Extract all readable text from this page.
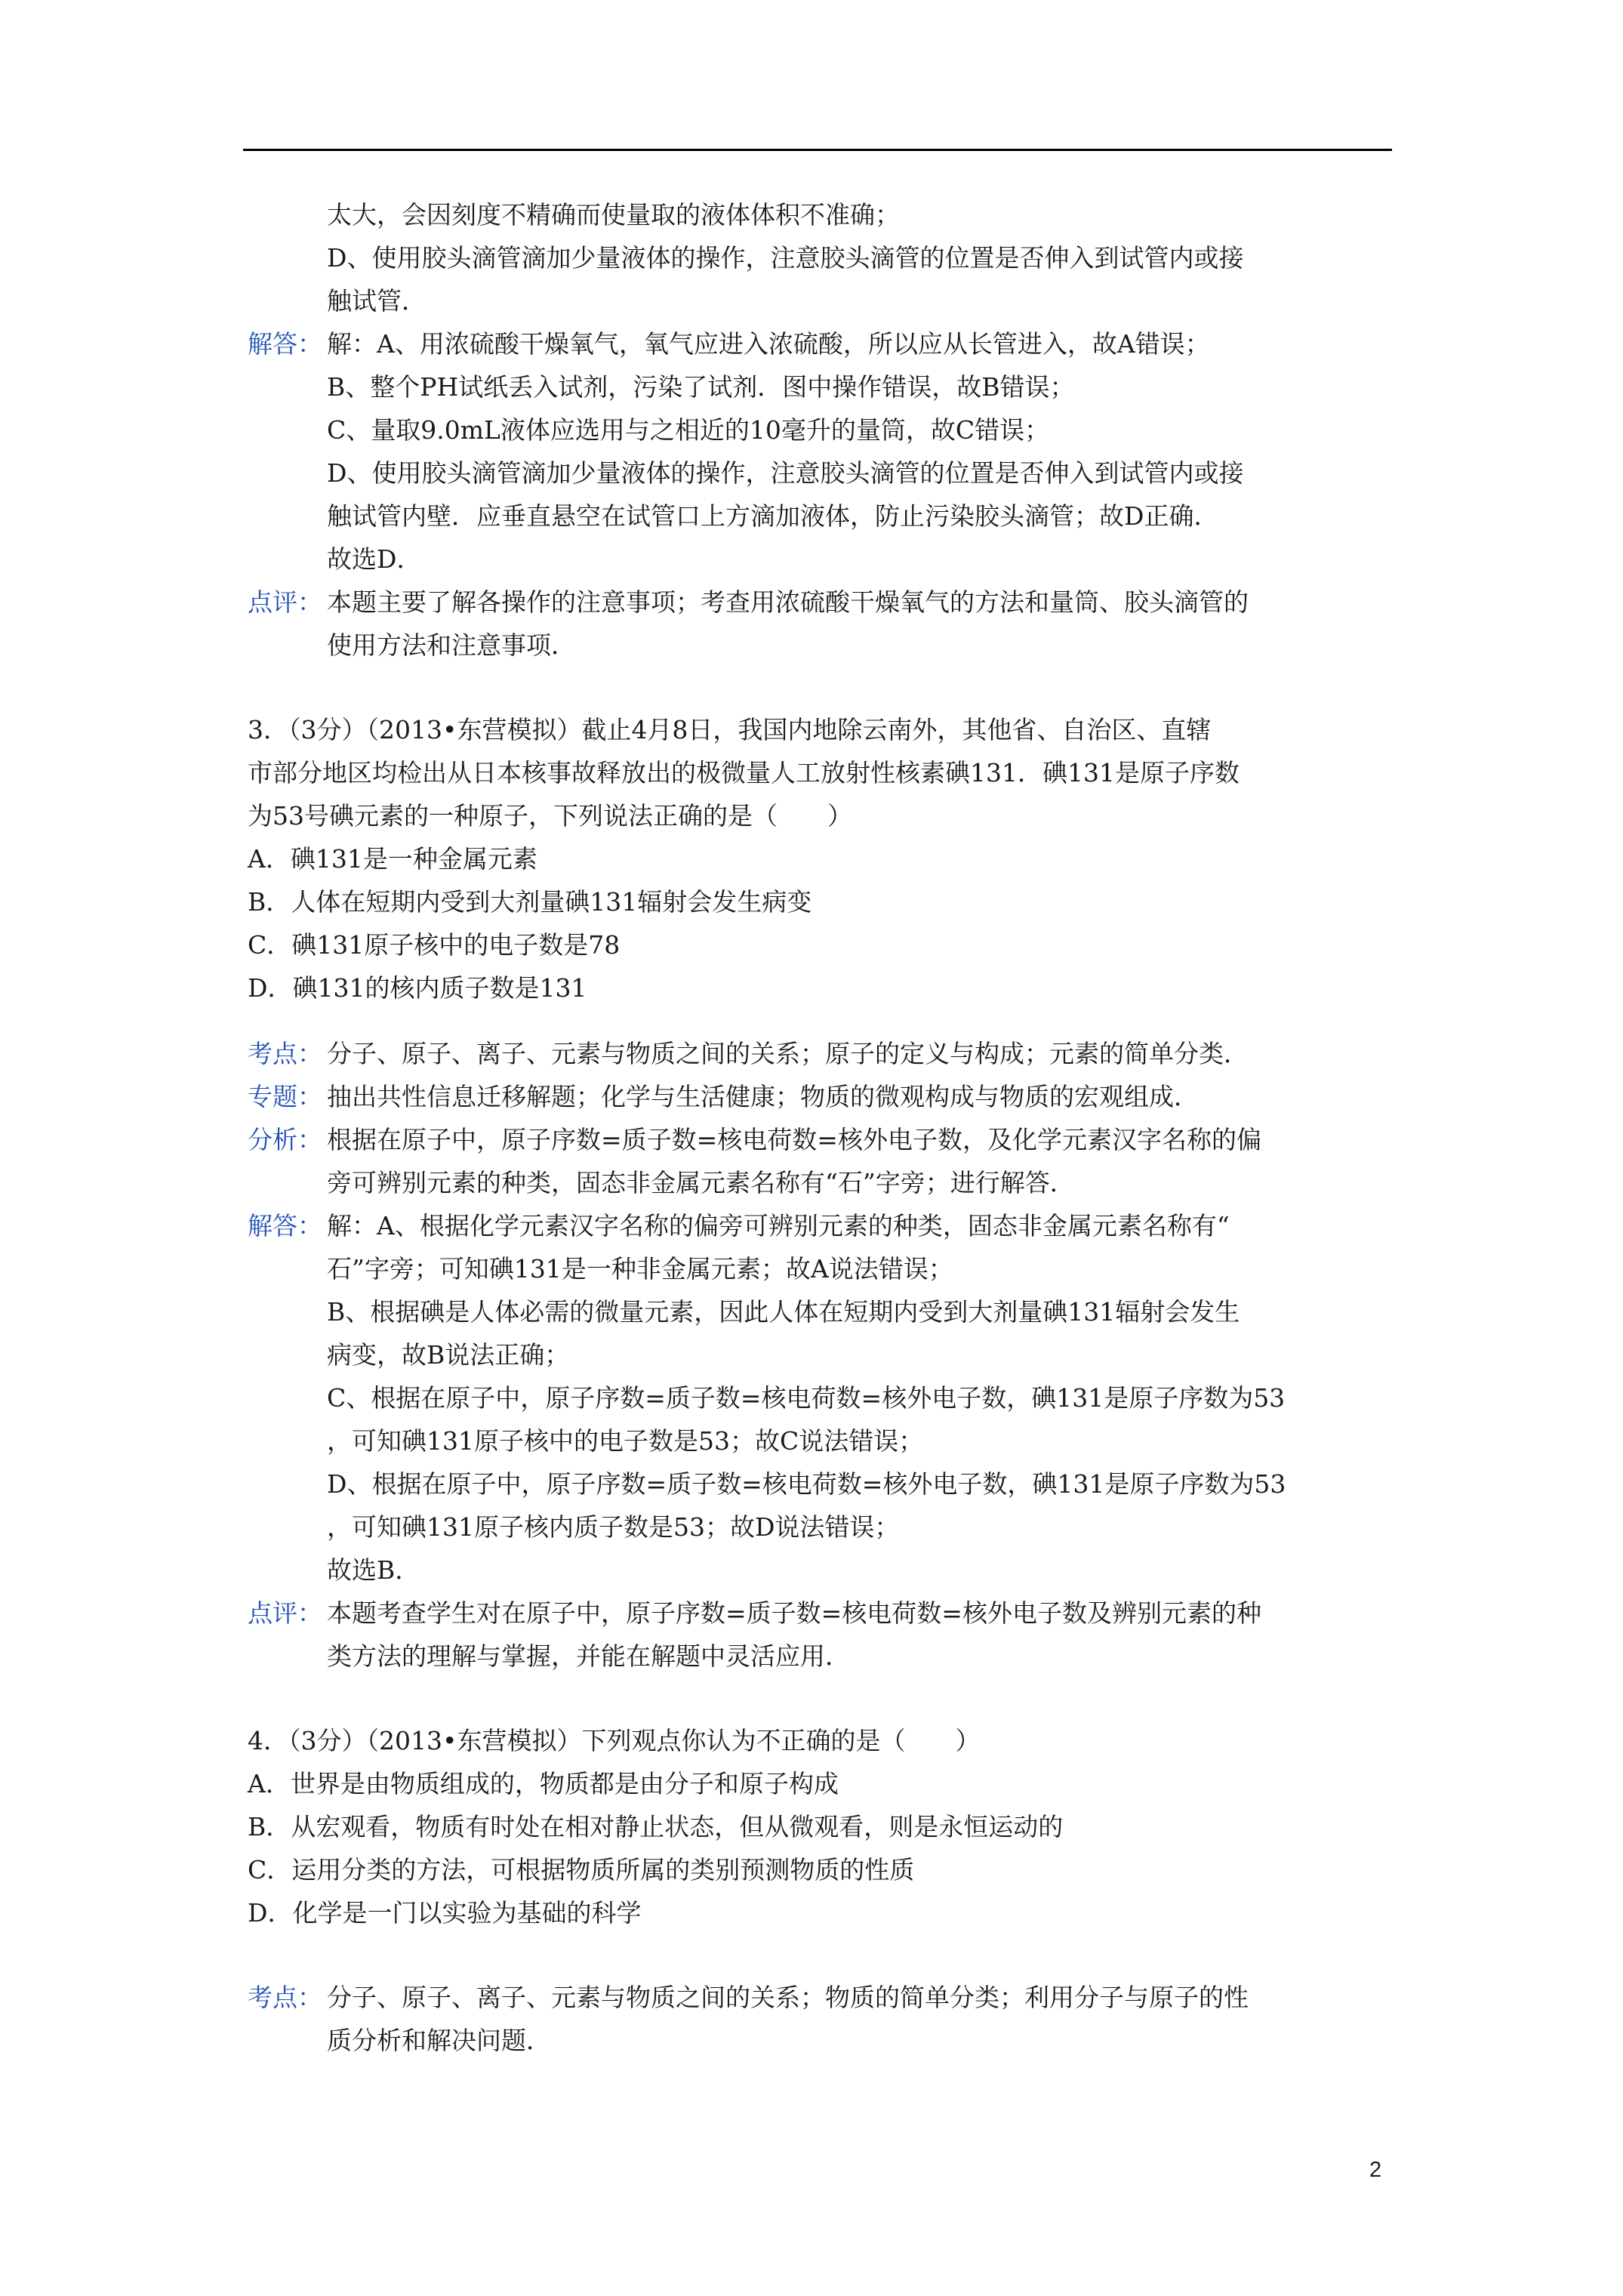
太大，会因刻度不精确而使量取的液体体积不准确；
D、使用胶头滴管滴加少量液体的操作，注意胶头滴管的位置是否伸入到试管内或接
触试管．
解答： 解：A、用浓硫酸干燥氧气，氧气应进入浓硫酸，所以应从长管进入，故A错误；
B、整个PH试纸丢入试剂，污染了试剂．图中操作错误，故B错误；
C、量取9.0mL液体应选用与之相近的10毫升的量筒，故C错误；
D、使用胶头滴管滴加少量液体的操作，注意胶头滴管的位置是否伸入到试管内或接
触试管内壁．应垂直悬空在试管口上方滴加液体，防止污染胶头滴管；故D正确．
故选D．
点评： 本题主要了解各操作的注意事项；考查用浓硫酸干燥氧气的方法和量筒、胶头滴管的
使用方法和注意事项．
3．（3分）（2013•东营模拟）截止4月8日，我国内地除云南外，其他省、自治区、直辖
市部分地区均检出从日本核事故释放出的极微量人工放射性核素碘131．碘131是原子序数
为53号碘元素的一种原子，下列说法正确的是（　　）
A．碘131是一种金属元素
B．人体在短期内受到大剂量碘131辐射会发生病变
C．碘131原子核中的电子数是78
D．碘131的核内质子数是131
考点： 分子、原子、离子、元素与物质之间的关系；原子的定义与构成；元素的简单分类．
专题： 抽出共性信息迁移解题；化学与生活健康；物质的微观构成与物质的宏观组成．
分析： 根据在原子中，原子序数=质子数=核电荷数=核外电子数，及化学元素汉字名称的偏
旁可辨别元素的种类，固态非金属元素名称有“石”字旁；进行解答．
解答： 解：A、根据化学元素汉字名称的偏旁可辨别元素的种类，固态非金属元素名称有“
石”字旁；可知碘131是一种非金属元素；故A说法错误；
B、根据碘是人体必需的微量元素，因此人体在短期内受到大剂量碘131辐射会发生
病变，故B说法正确；
C、根据在原子中，原子序数=质子数=核电荷数=核外电子数，碘131是原子序数为53
，可知碘131原子核中的电子数是53；故C说法错误；
D、根据在原子中，原子序数=质子数=核电荷数=核外电子数，碘131是原子序数为53
，可知碘131原子核内质子数是53；故D说法错误；
故选B．
点评： 本题考查学生对在原子中，原子序数=质子数=核电荷数=核外电子数及辨别元素的种
类方法的理解与掌握，并能在解题中灵活应用．
4．（3分）（2013•东营模拟）下列观点你认为不正确的是（　　）
A．世界是由物质组成的，物质都是由分子和原子构成
B．从宏观看，物质有时处在相对静止状态，但从微观看，则是永恒运动的
C．运用分类的方法，可根据物质所属的类别预测物质的性质
D．化学是一门以实验为基础的科学
考点： 分子、原子、离子、元素与物质之间的关系；物质的简单分类；利用分子与原子的性
质分析和解决问题．
2
